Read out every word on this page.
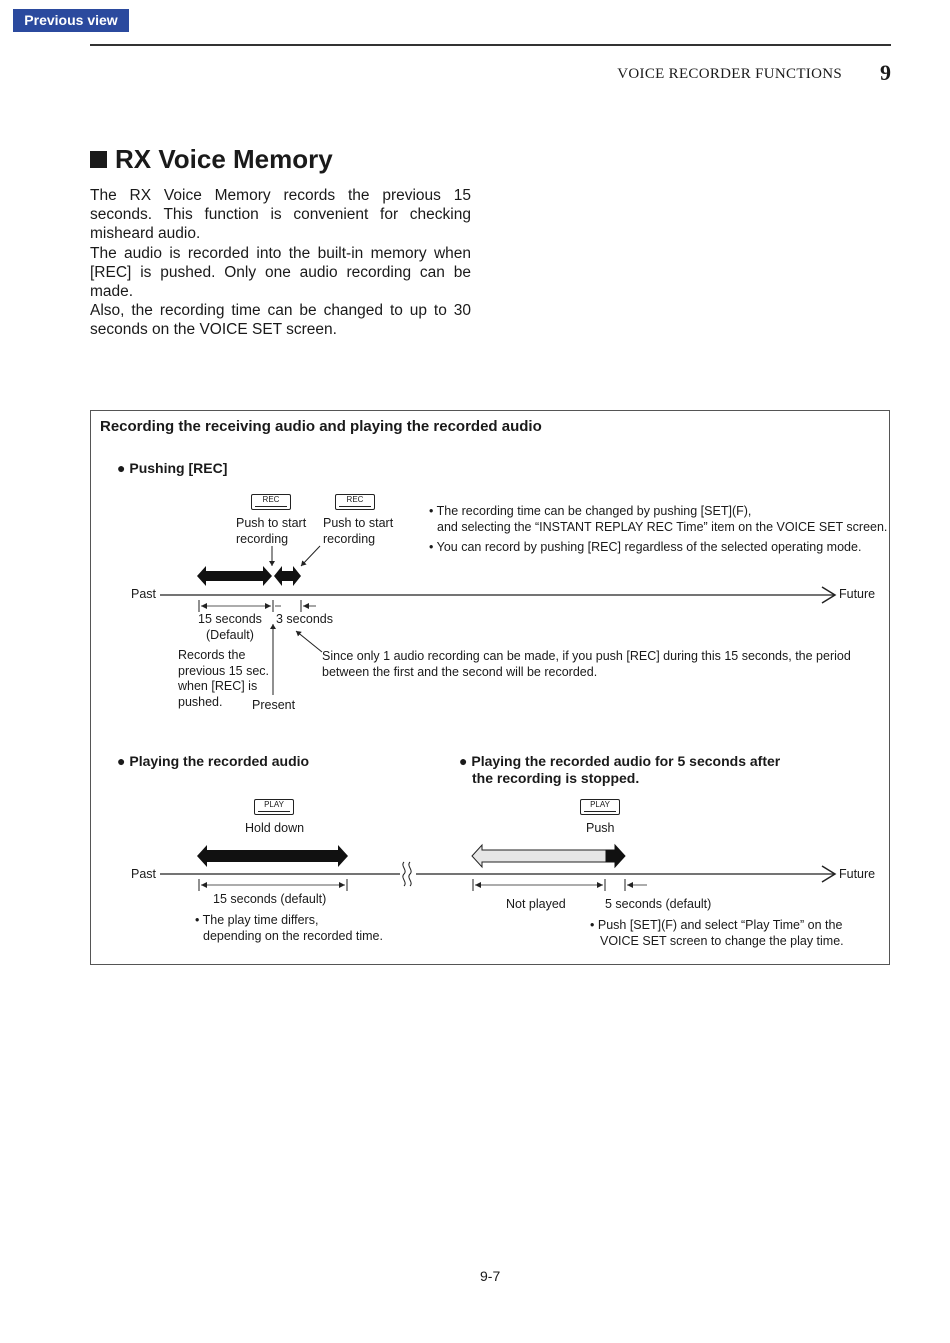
Previous view
VOICE RECORDER FUNCTIONS 9
RX Voice Memory

The RX Voice Memory records the previous 15 seconds. This function is convenient for checking misheard audio.

The audio is recorded into the built-in memory when [REC] is pushed. Only one audio recording can be made.

Also, the recording time can be changed to up to 30 seconds on the VOICE SET screen.

Recording the receiving audio and playing the recorded audio
● Pushing [REC]
REC	REC
Push to start recording
Push to start recording
• The recording time can be changed by pushing [SET](F),
and selecting the “INSTANT REPLAY REC Time” item on the VOICE SET screen.
• You can record by pushing [REC] regardless of the selected operating mode.
Past	Future
15 seconds
(Default)
3 seconds
Records the
previous 15 sec.
when [REC] is
pushed.	Present
Since only 1 audio recording can be made, if you push [REC] during this 15 seconds, the period
between the first and the second will be recorded.
● Playing the recorded audio
PLAY
Hold down
Past
15 seconds (default)
• The play time differs,
depending on the recorded time.
● Playing the recorded audio for 5 seconds after
the recording is stopped.
PLAY
Push
Future
Not played	5 seconds (default)
• Push [SET](F) and select “Play Time” on the
VOICE SET screen to change the play time.
9-7
